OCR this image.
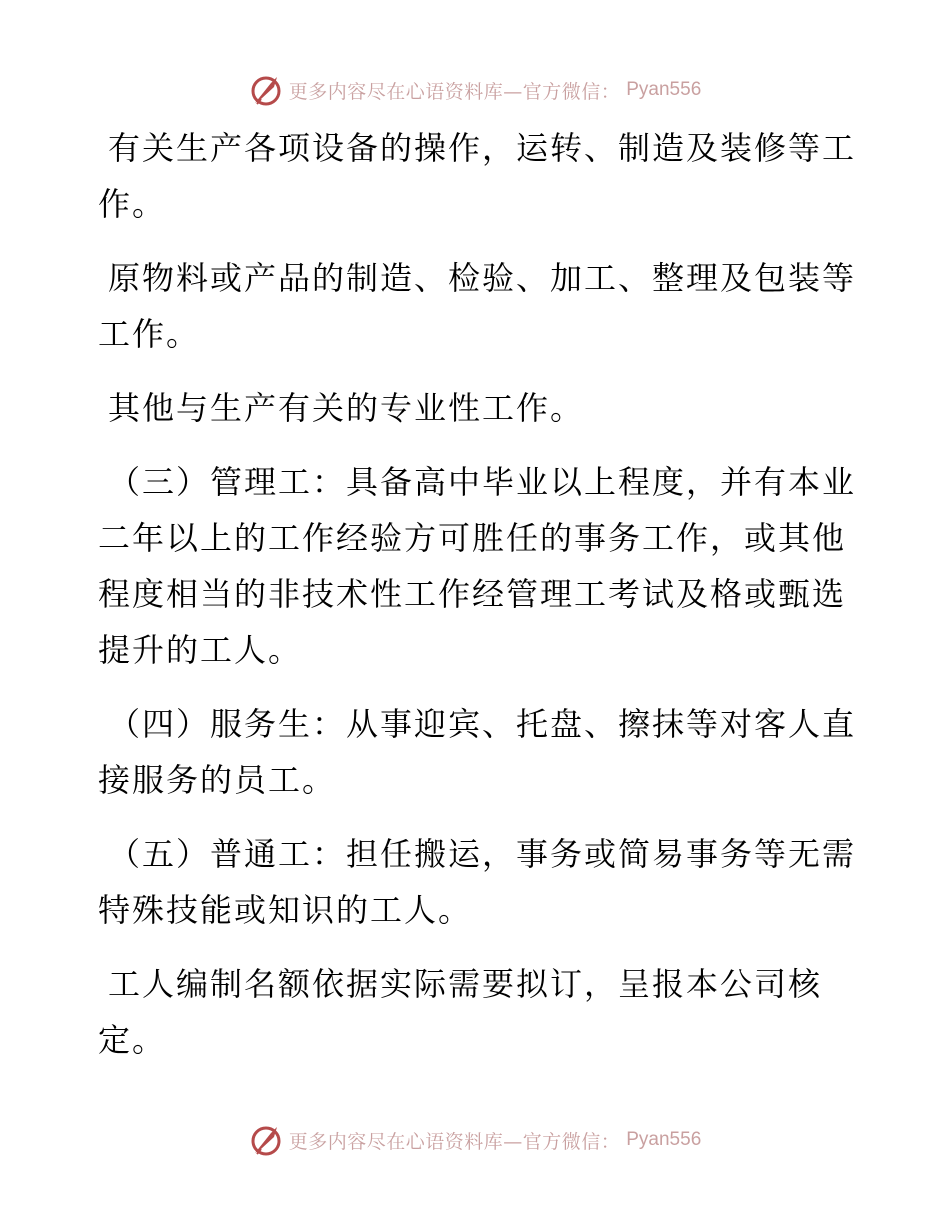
更多内容尽在心语资料库—官方微信： Pyan556

有关生产各项设备的操作，运转、制造及装修等工作。

原物料或产品的制造、检验、加工、整理及包装等工作。

其他与生产有关的专业性工作。

（三）管理工：具备高中毕业以上程度，并有本业二年以上的工作经验方可胜任的事务工作，或其他程度相当的非技术性工作经管理工考试及格或甄选提升的工人。

（四）服务生：从事迎宾、托盘、擦抹等对客人直接服务的员工。

（五）普通工：担任搬运，事务或简易事务等无需特殊技能或知识的工人。

工人编制名额依据实际需要拟订，呈报本公司核定。

更多内容尽在心语资料库—官方微信： Pyan556
